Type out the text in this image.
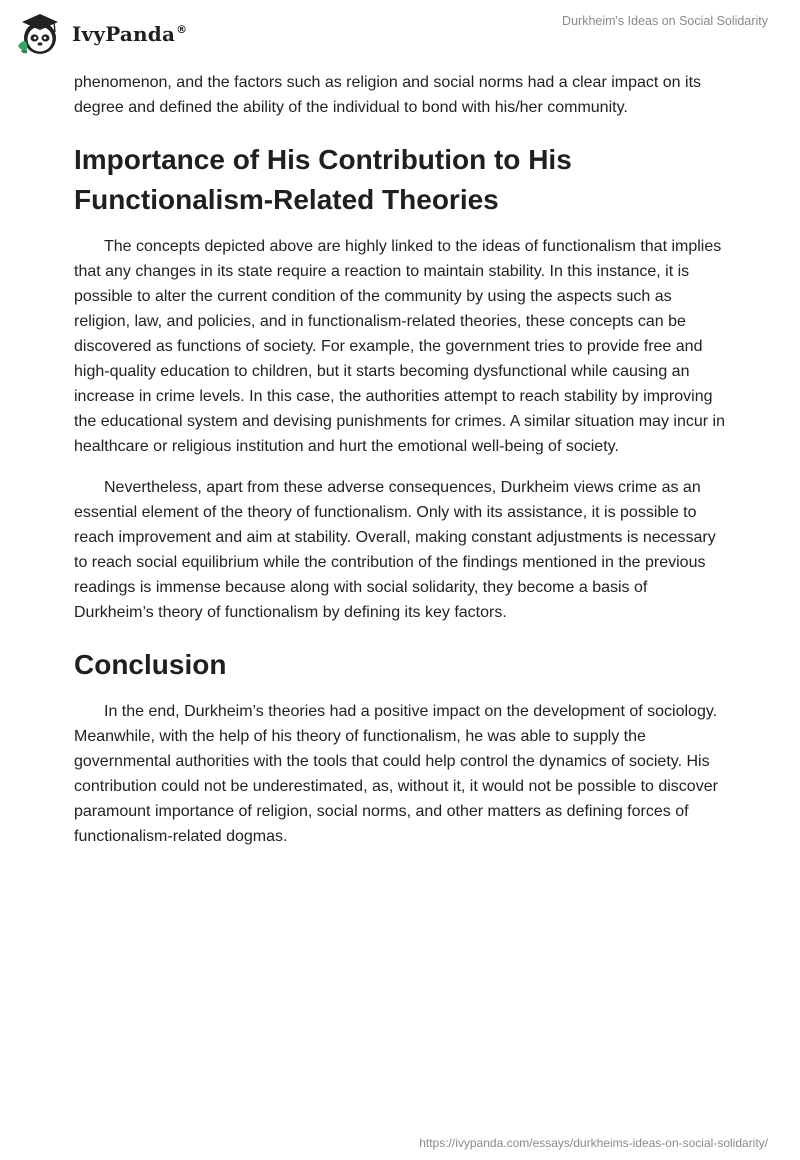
IvyPanda®
Durkheim's Ideas on Social Solidarity

phenomenon, and the factors such as religion and social norms had a clear impact on its degree and defined the ability of the individual to bond with his/her community.

Importance of His Contribution to His Functionalism-Related Theories

The concepts depicted above are highly linked to the ideas of functionalism that implies that any changes in its state require a reaction to maintain stability. In this instance, it is possible to alter the current condition of the community by using the aspects such as religion, law, and policies, and in functionalism-related theories, these concepts can be discovered as functions of society. For example, the government tries to provide free and high-quality education to children, but it starts becoming dysfunctional while causing an increase in crime levels. In this case, the authorities attempt to reach stability by improving the educational system and devising punishments for crimes. A similar situation may incur in healthcare or religious institution and hurt the emotional well-being of society.

Nevertheless, apart from these adverse consequences, Durkheim views crime as an essential element of the theory of functionalism. Only with its assistance, it is possible to reach improvement and aim at stability. Overall, making constant adjustments is necessary to reach social equilibrium while the contribution of the findings mentioned in the previous readings is immense because along with social solidarity, they become a basis of Durkheim’s theory of functionalism by defining its key factors.

Conclusion

In the end, Durkheim’s theories had a positive impact on the development of sociology. Meanwhile, with the help of his theory of functionalism, he was able to supply the governmental authorities with the tools that could help control the dynamics of society. His contribution could not be underestimated, as, without it, it would not be possible to discover paramount importance of religion, social norms, and other matters as defining forces of functionalism-related dogmas.

https://ivypanda.com/essays/durkheims-ideas-on-social-solidarity/
